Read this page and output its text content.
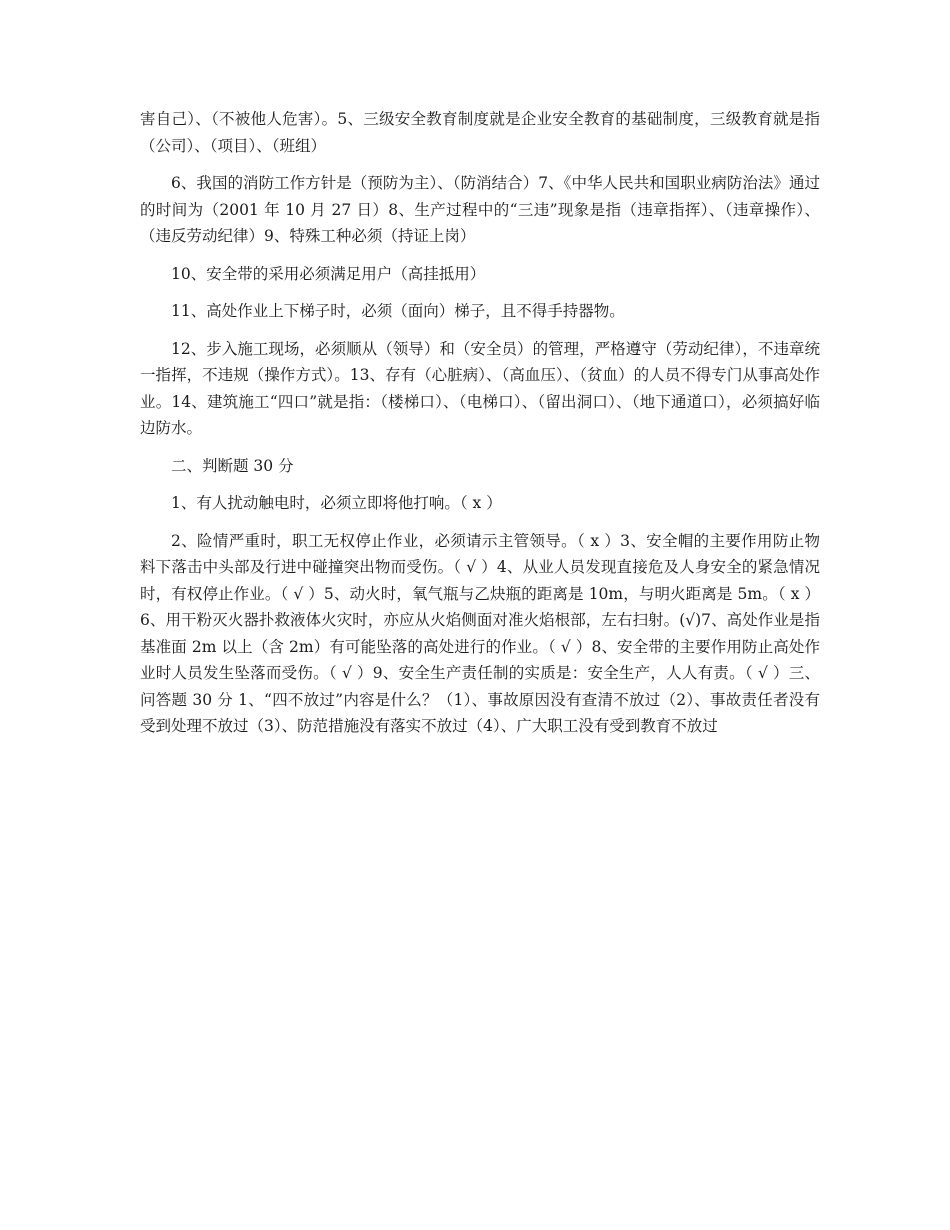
害自己）、（不被他人危害）。5、三级安全教育制度就是企业安全教育的基础制度，三级教育就是指（公司）、（项目）、（班组）

6、我国的消防工作方针是（预防为主）、（防消结合）7、《中华人民共和国职业病防治法》通过的时间为（2001 年 10 月 27 日）8、生产过程中的“三违”现象是指（违章指挥）、（违章操作）、（违反劳动纪律）9、特殊工种必须（持证上岗）

10、安全带的采用必须满足用户（高挂抵用）

11、高处作业上下梯子时，必须（面向）梯子，且不得手持器物。

12、步入施工现场，必须顺从（领导）和（安全员）的管理，严格遵守（劳动纪律），不违章统一指挥，不违规（操作方式）。13、存有（心脏病）、（高血压）、（贫血）的人员不得专门从事高处作业。14、建筑施工“四口”就是指：（楼梯口）、（电梯口）、（留出洞口）、（地下通道口），必须搞好临边防水。

二、判断题 30 分

1、有人扰动触电时，必须立即将他打响。（ x ）

2、险情严重时，职工无权停止作业，必须请示主管领导。（ x ）3、安全帽的主要作用防止物料下落击中头部及行进中碰撞突出物而受伤。（ √ ）4、从业人员发现直接危及人身安全的紧急情况时，有权停止作业。（ √ ）5、动火时，氧气瓶与乙炔瓶的距离是 10m，与明火距离是 5m。（ x ）6、用干粉灭火器扑救液体火灾时，亦应从火焰侧面对准火焰根部，左右扫射。(√)7、高处作业是指基准面 2m 以上（含 2m）有可能坠落的高处进行的作业。（ √ ）8、安全带的主要作用防止高处作业时人员发生坠落而受伤。（ √ ）9、安全生产责任制的实质是：安全生产，人人有责。（ √ ）三、问答题 30 分 1、“四不放过”内容是什么？（1）、事故原因没有查清不放过（2）、事故责任者没有受到处理不放过（3）、防范措施没有落实不放过（4）、广大职工没有受到教育不放过
